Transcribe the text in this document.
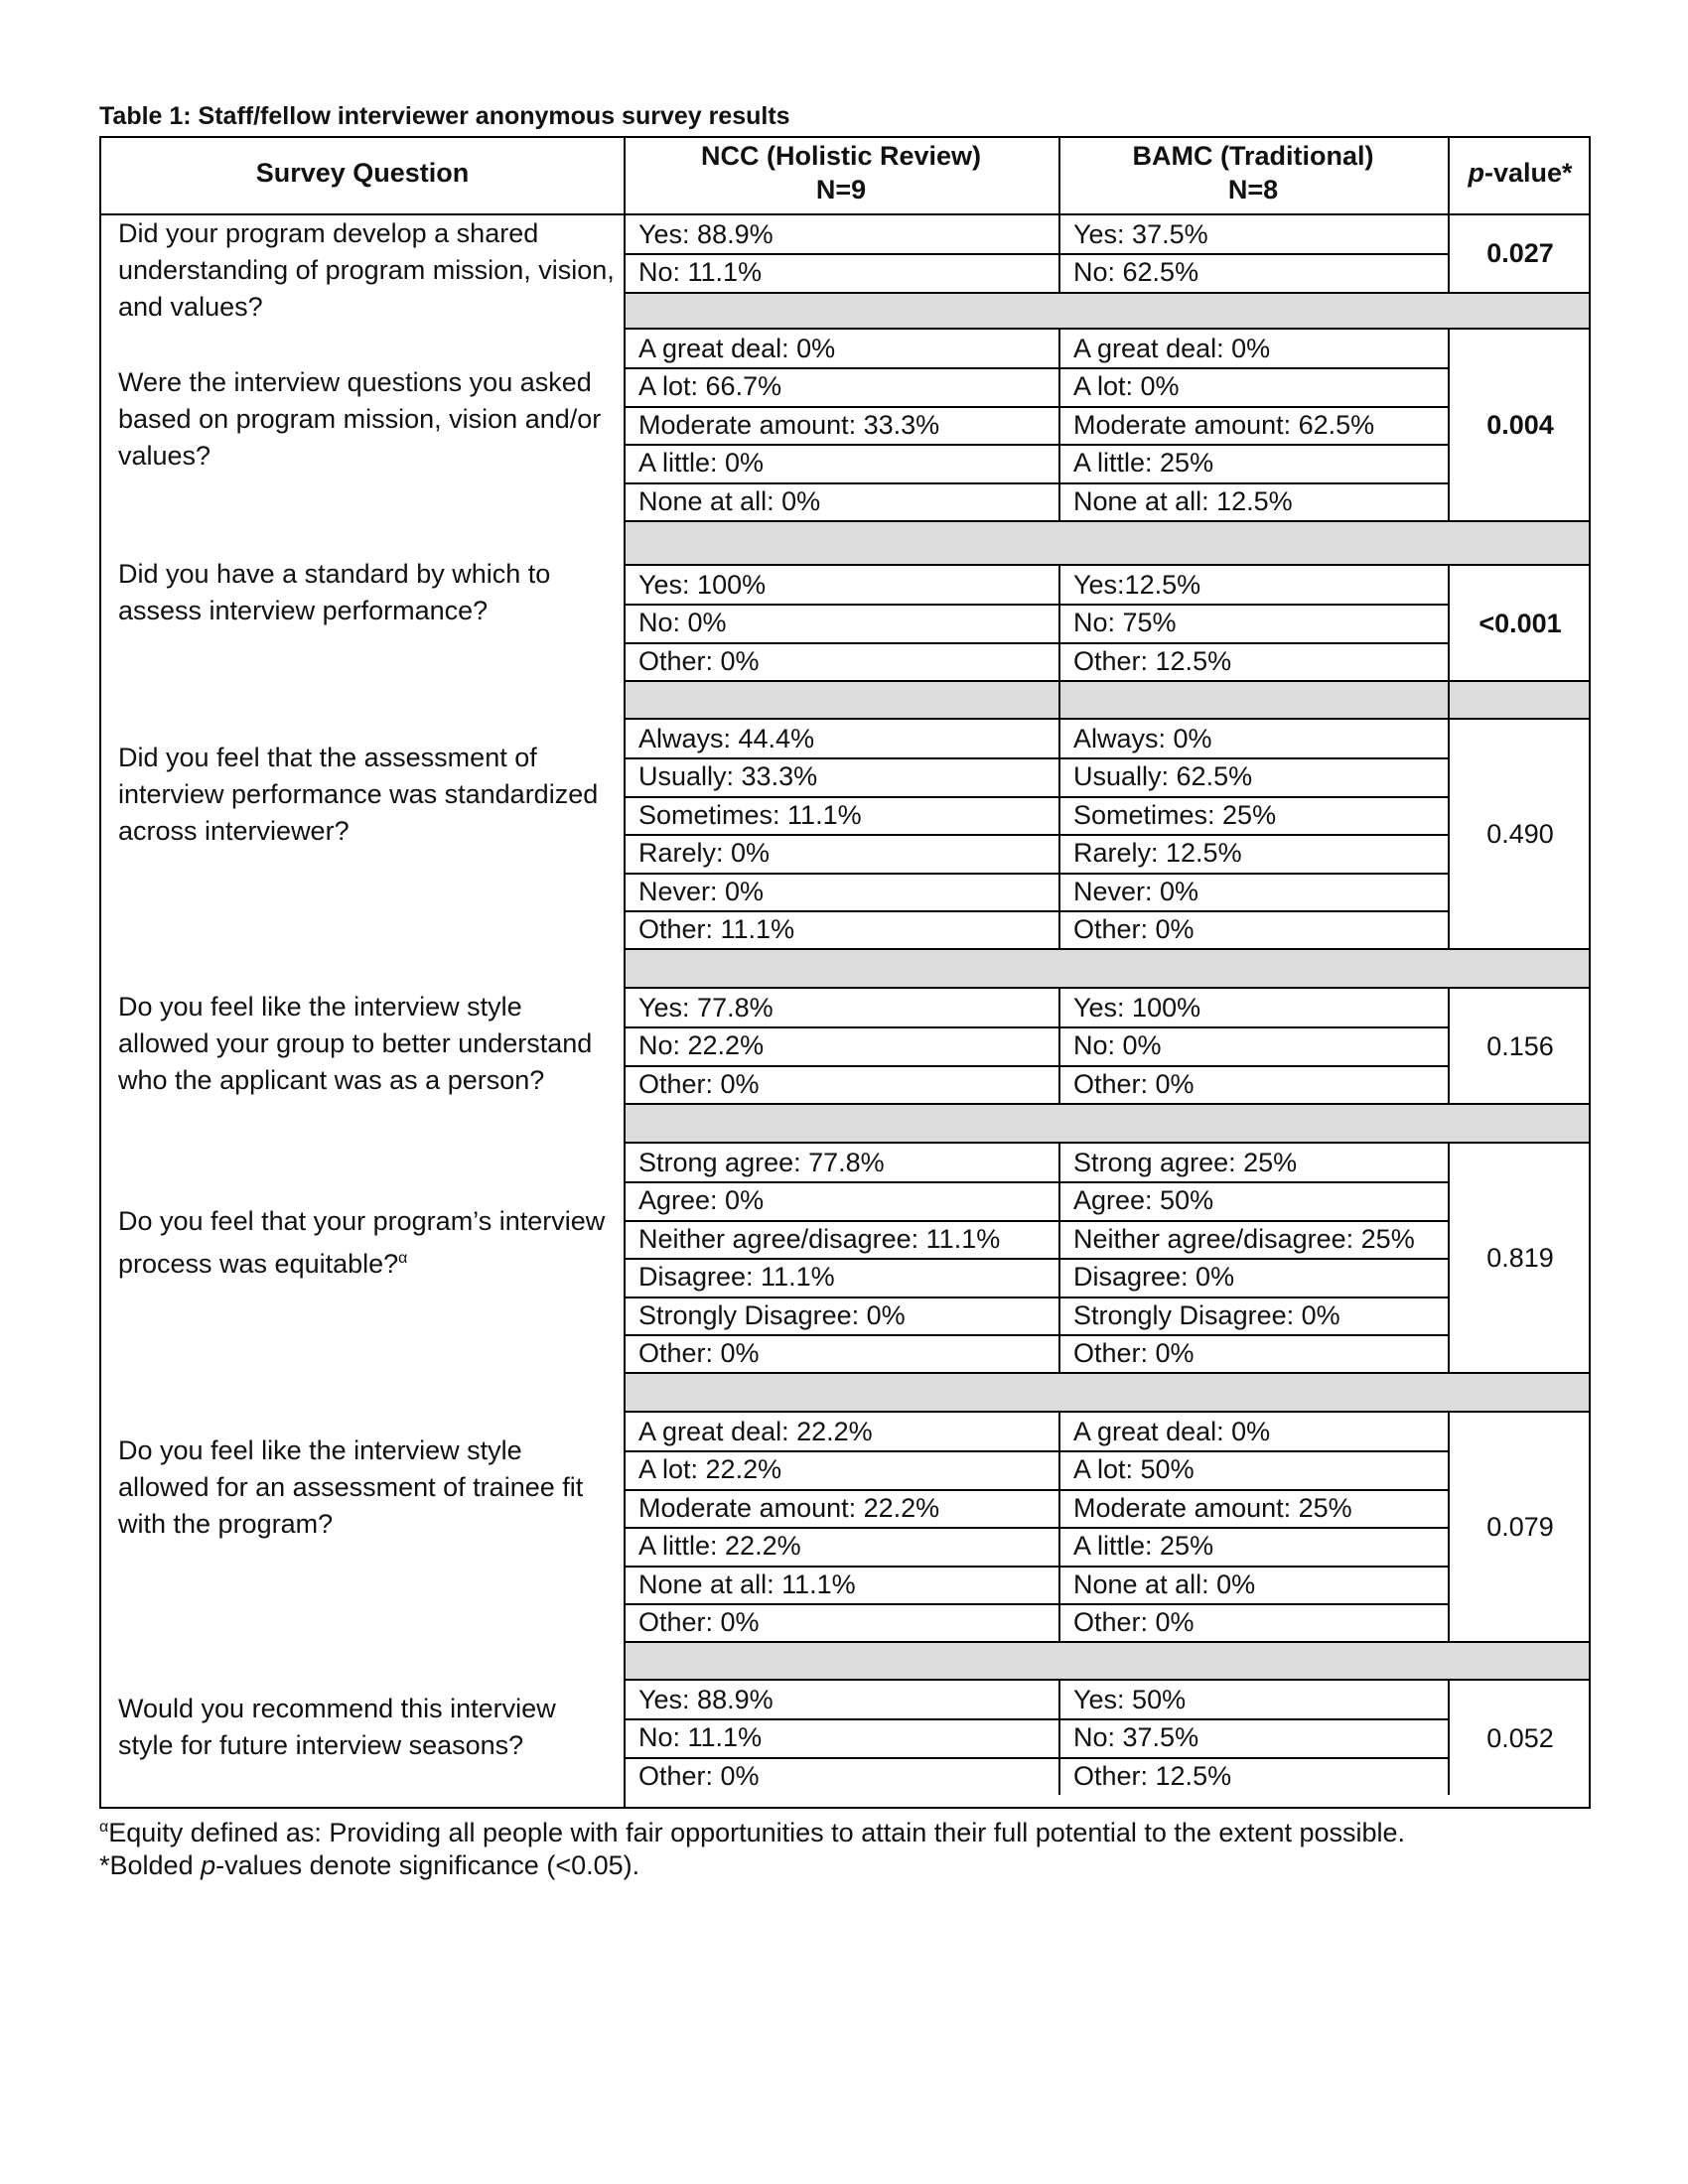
Table 1: Staff/fellow interviewer anonymous survey results
Survey Question
NCC (Holistic Review)
N=9
BAMC (Traditional)
N=8
p-value*
Did your program develop a shared understanding of program mission, vision, and values?
Yes: 88.9%	Yes: 37.5%
No: 11.1%	No: 62.5%
0.027
Were the interview questions you asked based on program mission, vision and/or values?
A great deal: 0%	A great deal: 0%
A lot: 66.7%	A lot: 0%
Moderate amount: 33.3%	Moderate amount: 62.5%
A little: 0%	A little: 25%
None at all: 0%	None at all: 12.5%
0.004
Did you have a standard by which to assess interview performance?
Yes: 100%	Yes:12.5%
No: 0%	No: 75%
Other: 0%	Other: 12.5%
<0.001
Did you feel that the assessment of interview performance was standardized across interviewer?
Always: 44.4%	Always: 0%
Usually: 33.3%	Usually: 62.5%
Sometimes: 11.1%	Sometimes: 25%
Rarely: 0%	Rarely: 12.5%
Never: 0%	Never: 0%
Other: 11.1%	Other: 0%
0.490
Do you feel like the interview style allowed your group to better understand who the applicant was as a person?
Yes: 77.8%	Yes: 100%
No: 22.2%	No: 0%
Other: 0%	Other: 0%
0.156
Do you feel that your program’s interview process was equitable?$^\alpha$
Strong agree: 77.8%	Strong agree: 25%
Agree: 0%	Agree: 50%
Neither agree/disagree: 11.1%	Neither agree/disagree: 25%
Disagree: 11.1%	Disagree: 0%
Strongly Disagree: 0%	Strongly Disagree: 0%
Other: 0%	Other: 0%
0.819
Do you feel like the interview style allowed for an assessment of trainee fit with the program?
A great deal: 22.2%	A great deal: 0%
A lot: 22.2%	A lot: 50%
Moderate amount: 22.2%	Moderate amount: 25%
A little: 22.2%	A little: 25%
None at all: 11.1%	None at all: 0%
Other: 0%	Other: 0%
0.079
Would you recommend this interview style for future interview seasons?
Yes: 88.9%	Yes: 50%
No: 11.1%	No: 37.5%
Other: 0%	Other: 12.5%
0.052
$^\alpha$Equity defined as: Providing all people with fair opportunities to attain their full potential to the extent possible.
*Bolded p-values denote significance (<0.05).
